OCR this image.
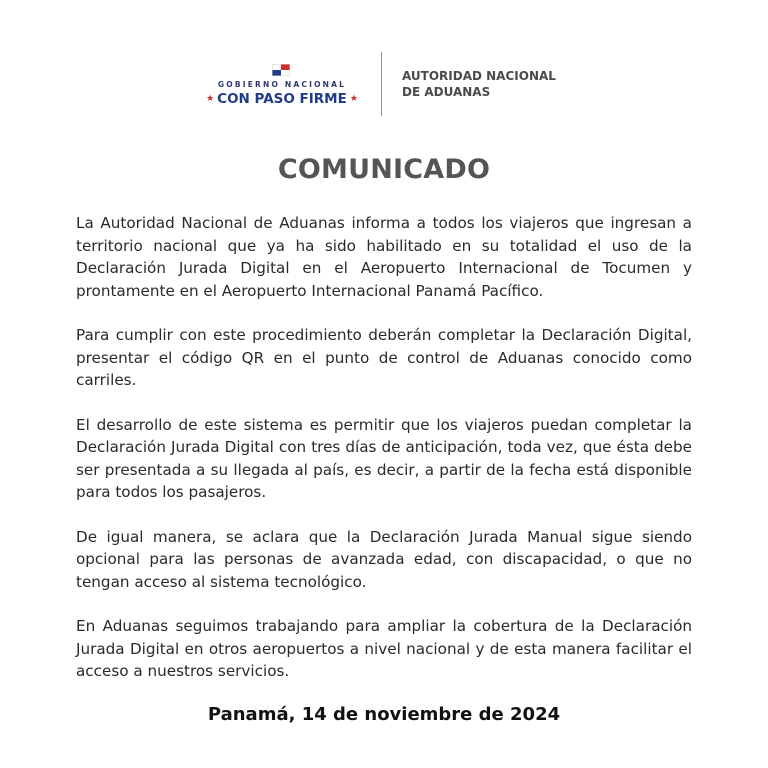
GOBIERNO NACIONAL
★ CON PASO FIRME ★
AUTORIDAD NACIONAL
DE ADUANAS
COMUNICADO

La Autoridad Nacional de Aduanas informa a todos los viajeros que ingresan a territorio nacional que ya ha sido habilitado en su totalidad el uso de la Declaración Jurada Digital en el Aeropuerto Internacional de Tocumen y prontamente en el Aeropuerto Internacional Panamá Pacífico.

Para cumplir con este procedimiento deberán completar la Declaración Digital, presentar el código QR en el punto de control de Aduanas conocido como carriles.

El desarrollo de este sistema es permitir que los viajeros puedan completar la Declaración Jurada Digital con tres días de anticipación, toda vez, que ésta debe ser presentada a su llegada al país, es decir, a partir de la fecha está disponible para todos los pasajeros.

De igual manera, se aclara que la Declaración Jurada Manual sigue siendo opcional para las personas de avanzada edad, con discapacidad, o que no tengan acceso al sistema tecnológico.

En Aduanas seguimos trabajando para ampliar la cobertura de la Declaración Jurada Digital en otros aeropuertos a nivel nacional y de esta manera facilitar el acceso a nuestros servicios.

Panamá, 14 de noviembre de 2024
